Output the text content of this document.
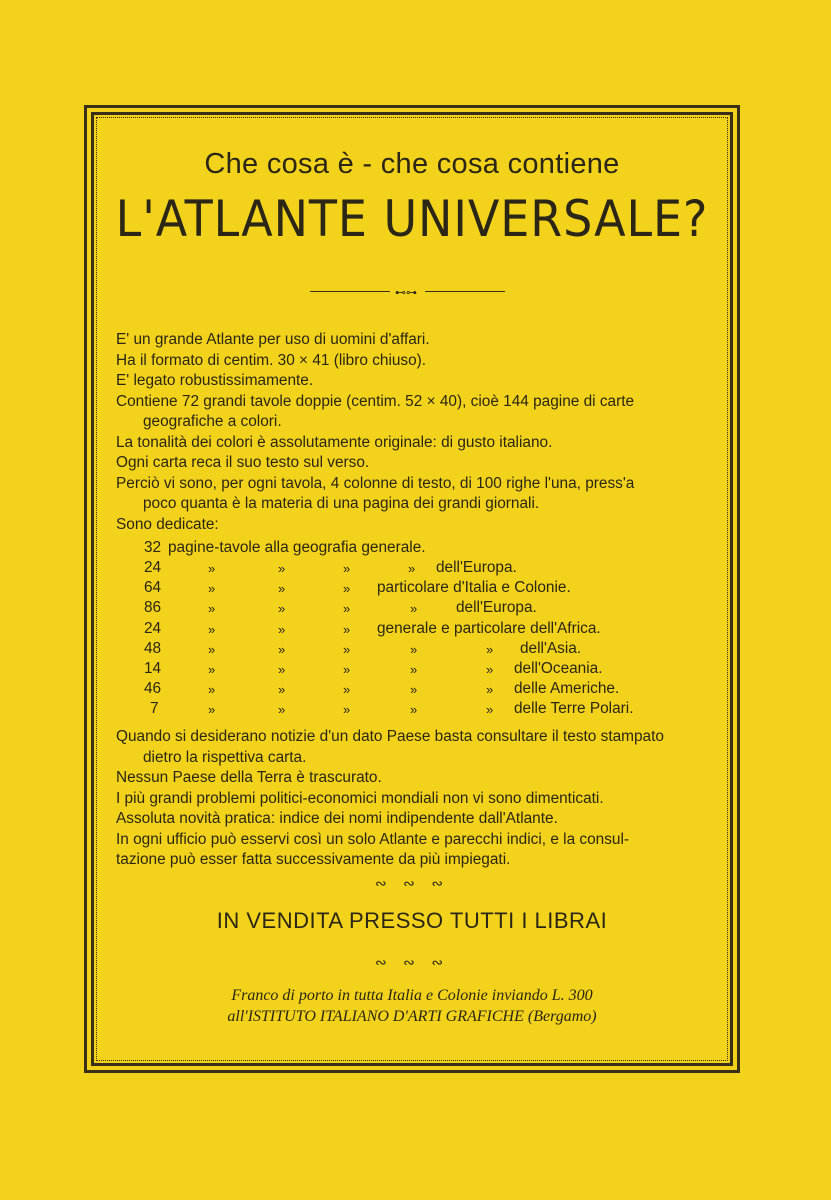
Che cosa è - che cosa contiene
L'ATLANTE UNIVERSALE?
⊷⊶

E' un grande Atlante per uso di uomini d'affari.

Ha il formato di centim. 30 × 41 (libro chiuso).

E' legato robustissimamente.

Contiene 72 grandi tavole doppie (centim. 52 × 40), cioè 144 pagine di carte

geografiche a colori.

La tonalità dei colori è assolutamente originale: di gusto italiano.

Ogni carta reca il suo testo sul verso.

Perciò vi sono, per ogni tavola, 4 colonne di testo, di 100 righe l'una, press'a

poco quanta è la materia di una pagina dei grandi giornali.

Sono dedicate:

32 pagine-tavole alla geografia generale.
24	»	»	»	» dell'Europa.
64	»	»	» particolare d'Italia e Colonie.
86	»	»	»	»	dell'Europa.
24	»	»	» generale e particolare dell'Africa.
48	»	»	»	»	» dell'Asia.
14	»	»	»	»	» dell'Oceania.
46	»	»	»	»	» delle Americhe.
7	»	»	»	»	» delle Terre Polari.

Quando si desiderano notizie d'un dato Paese basta consultare il testo stampato

dietro la rispettiva carta.

Nessun Paese della Terra è trascurato.

I più grandi problemi politici-economici mondiali non vi sono dimenticati.

Assoluta novità pratica: indice dei nomi indipendente dall'Atlante.

In ogni ufficio può esservi così un solo Atlante e parecchi indici, e la consul-

tazione può esser fatta successivamente da più impiegati.

∾ ∾ ∾
IN VENDITA PRESSO TUTTI I LIBRAI
∾ ∾ ∾
Franco di porto in tutta Italia e Colonie inviando L. 300
all'ISTITUTO ITALIANO D'ARTI GRAFICHE (Bergamo)
